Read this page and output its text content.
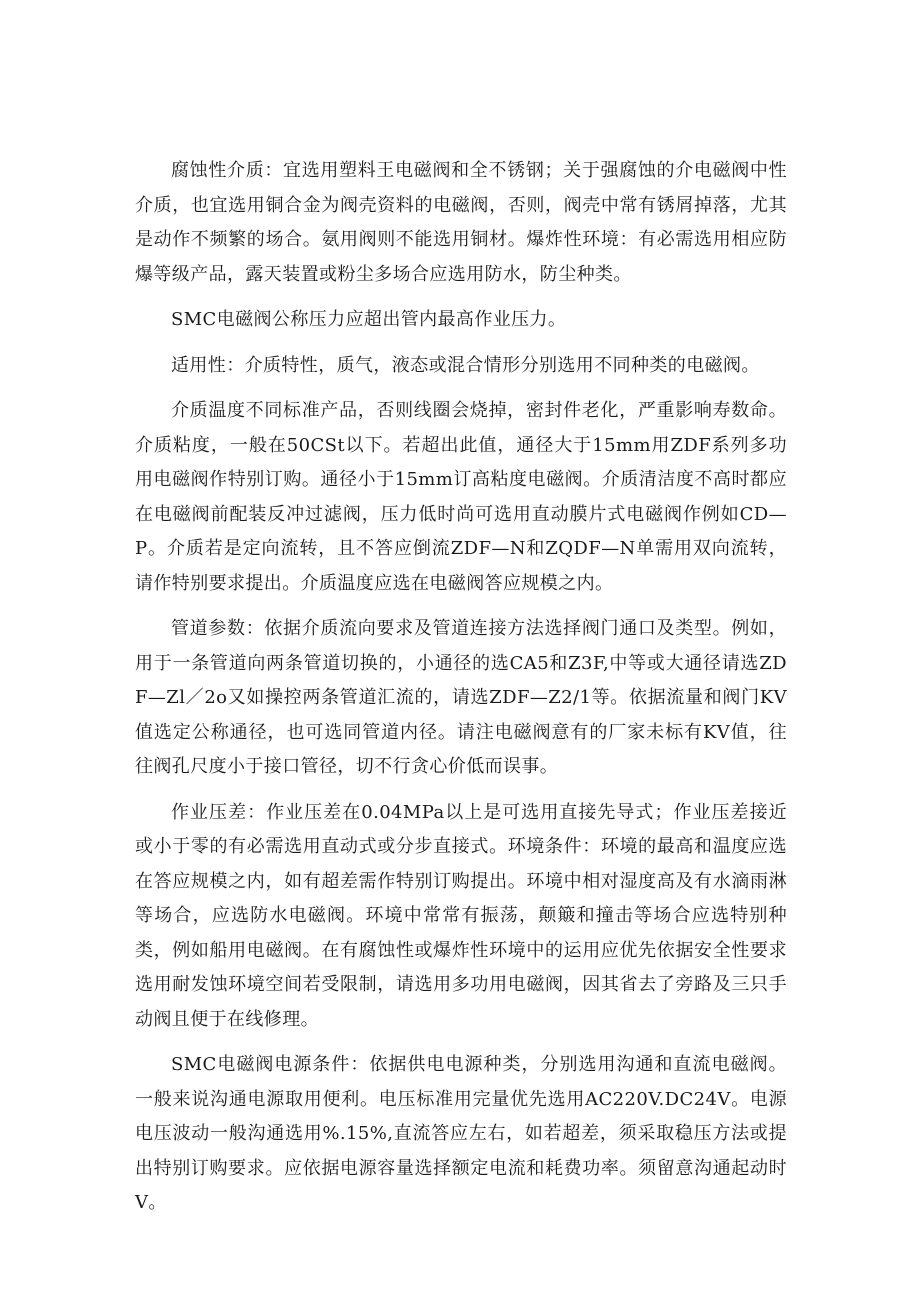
腐蚀性介质：宜选用塑料王电磁阀和全不锈钢；关于强腐蚀的介电磁阀中性介质，也宜选用铜合金为阀壳资料的电磁阀，否则，阀壳中常有锈屑掉落，尤其是动作不频繁的场合。氨用阀则不能选用铜材。爆炸性环境：有必需选用相应防爆等级产品，露天装置或粉尘多场合应选用防水，防尘种类。

SMC电磁阀公称压力应超出管内最高作业压力。

适用性：介质特性，质气，液态或混合情形分别选用不同种类的电磁阀。

介质温度不同标准产品，否则线圈会烧掉，密封件老化，严重影响寿数命。介质粘度，一般在50CSt以下。若超出此值，通径大于15mm用ZDF系列多功用电磁阀作特别订购。通径小于15mm订高粘度电磁阀。介质清洁度不高时都应在电磁阀前配装反冲过滤阀，压力低时尚可选用直动膜片式电磁阀作例如CD—P。介质若是定向流转，且不答应倒流ZDF—N和ZQDF—N单需用双向流转，请作特别要求提出。介质温度应选在电磁阀答应规模之内。

管道参数：依据介质流向要求及管道连接方法选择阀门通口及类型。例如，用于一条管道向两条管道切换的，小通径的选CA5和Z3F,中等或大通径请选ZDF—Zl／2o又如操控两条管道汇流的，请选ZDF—Z2/1等。依据流量和阀门KV值选定公称通径，也可选同管道内径。请注电磁阀意有的厂家未标有KV值，往往阀孔尺度小于接口管径，切不行贪心价低而误事。

作业压差：作业压差在0.04MPa以上是可选用直接先导式；作业压差接近或小于零的有必需选用直动式或分步直接式。环境条件：环境的最高和温度应选在答应规模之内，如有超差需作特别订购提出。环境中相对湿度高及有水滴雨淋等场合，应选防水电磁阀。环境中常常有振荡，颠簸和撞击等场合应选特别种类，例如船用电磁阀。在有腐蚀性或爆炸性环境中的运用应优先依据安全性要求选用耐发蚀环境空间若受限制，请选用多功用电磁阀，因其省去了旁路及三只手动阀且便于在线修理。

SMC电磁阀电源条件：依据供电电源种类，分别选用沟通和直流电磁阀。一般来说沟通电源取用便利。电压标准用完量优先选用AC220V.DC24V。电源电压波动一般沟通选用%.15%,直流答应左右，如若超差，须采取稳压方法或提出特别订购要求。应依据电源容量选择额定电流和耗费功率。须留意沟通起动时V。
